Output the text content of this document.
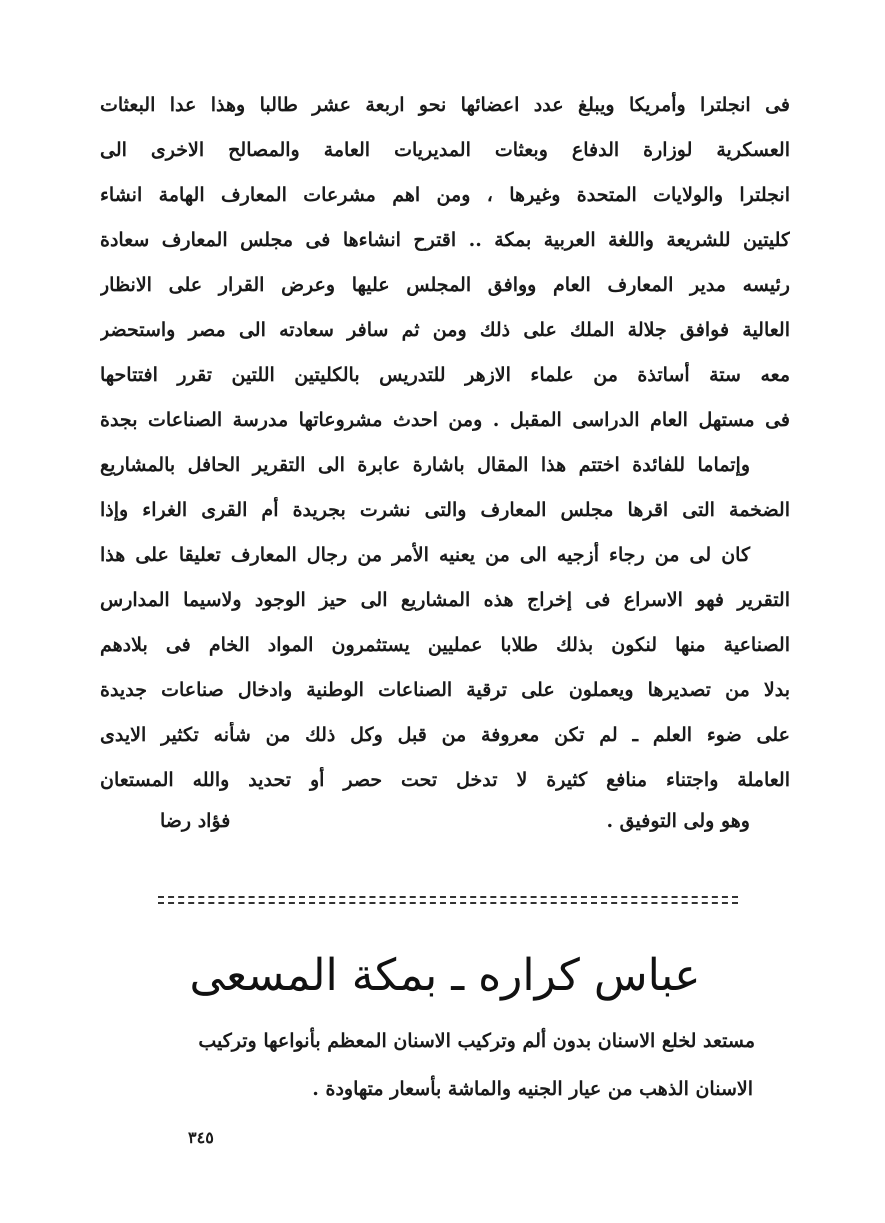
فى انجلترا وأمريكا ويبلغ عدد اعضائها نحو اربعة عشر طالبا وهذا عدا البعثات
العسكرية لوزارة الدفاع وبعثات المديريات العامة والمصالح الاخرى الى
انجلترا والولايات المتحدة وغيرها ، ومن اهم مشرعات المعارف الهامة انشاء
كليتين للشريعة واللغة العربية بمكة .. اقترح انشاءها فى مجلس المعارف سعادة
رئيسه مدير المعارف العام ووافق المجلس عليها وعرض القرار على الانظار
العالية فوافق جلالة الملك على ذلك ومن ثم سافر سعادته الى مصر واستحضر
معه ستة أساتذة من علماء الازهر للتدريس بالكليتين اللتين تقرر افتتاحها
فى مستهل العام الدراسى المقبل . ومن احدث مشروعاتها مدرسة الصناعات بجدة
وإتماما للفائدة اختتم هذا المقال باشارة عابرة الى التقرير الحافل بالمشاريع
الضخمة التى اقرها مجلس المعارف والتى نشرت بجريدة أم القرى الغراء وإذا
كان لى من رجاء أزجيه الى من يعنيه الأمر من رجال المعارف تعليقا على هذا
التقرير فهو الاسراع فى إخراج هذه المشاريع الى حيز الوجود ولاسيما المدارس
الصناعية منها لنكون بذلك طلابا عمليين يستثمرون المواد الخام فى بلادهم
بدلا من تصديرها ويعملون على ترقية الصناعات الوطنية وادخال صناعات جديدة
على ضوء العلم ـ لم تكن معروفة من قبل وكل ذلك من شأنه تكثير الايدى
العاملة واجتناء منافع كثيرة لا تدخل تحت حصر أو تحديد والله المستعان
وهو ولى التوفيق .
فؤاد رضا
عباس كراره ـ بمكة المسعى
مستعد لخلع الاسنان بدون ألم وتركيب الاسنان المعظم بأنواعها وتركيب
الاسنان الذهب من عيار الجنيه والماشة بأسعار متهاودة .
٣٤٥
